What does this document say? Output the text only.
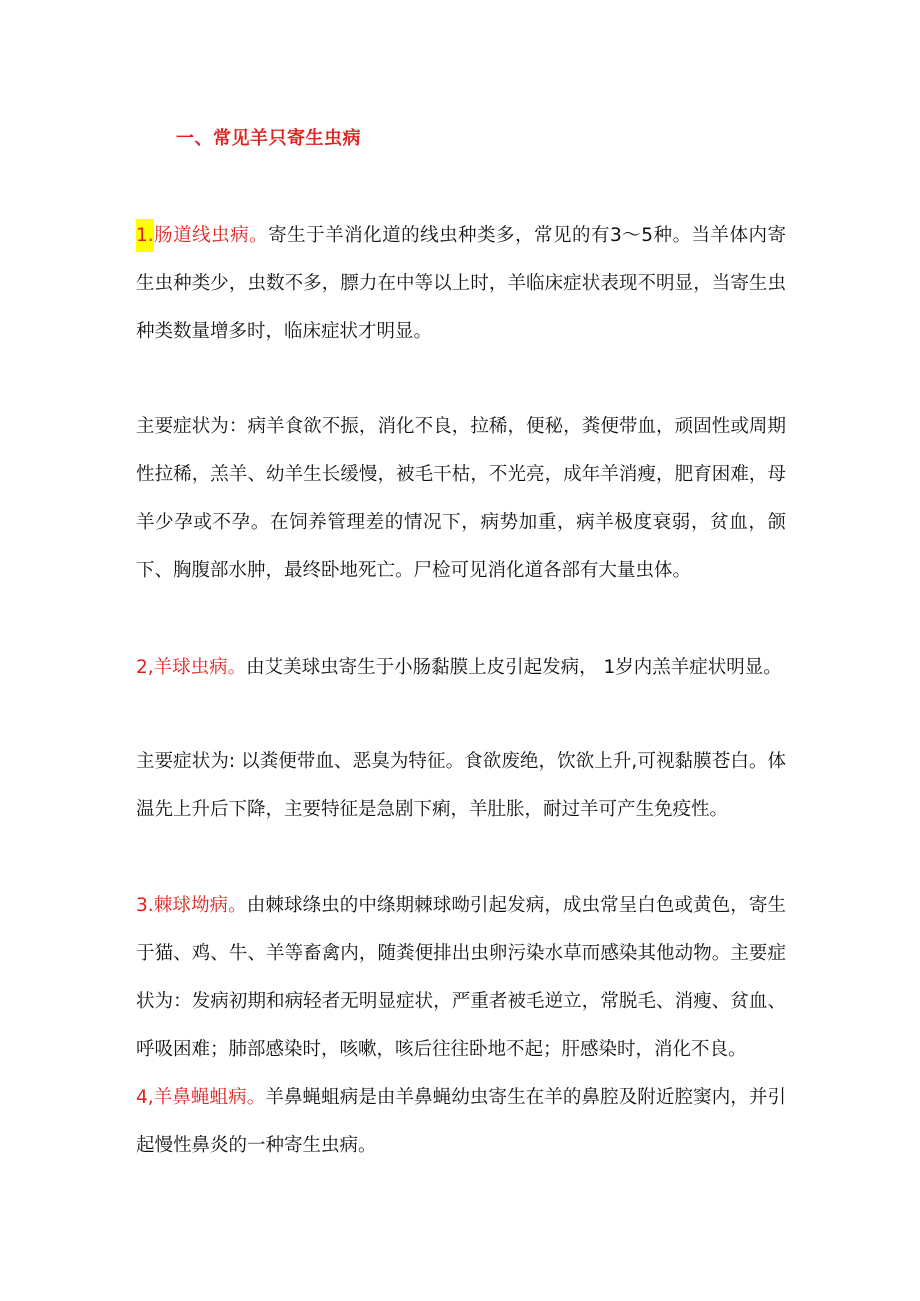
一、常见羊只寄生虫病

1.肠道线虫病。寄生于羊消化道的线虫种类多，常见的有3～5种。当羊体内寄生虫种类少，虫数不多，膘力在中等以上时，羊临床症状表现不明显，当寄生虫种类数量增多时，临床症状才明显。

主要症状为：病羊食欲不振，消化不良，拉稀，便秘，粪便带血，顽固性或周期性拉稀，羔羊、幼羊生长缓慢，被毛干枯，不光亮，成年羊消瘦，肥育困难，母羊少孕或不孕。在饲养管理差的情况下，病势加重，病羊极度衰弱，贫血，颌下、胸腹部水肿，最终卧地死亡。尸检可见消化道各部有大量虫体。

2,羊球虫病。由艾美球虫寄生于小肠黏膜上皮引起发病， 1岁内羔羊症状明显。

主要症状为: 以粪便带血、恶臭为特征。食欲废绝，饮欲上升,可视黏膜苍白。体温先上升后下降，主要特征是急剧下痢，羊肚胀，耐过羊可产生免疫性。

3.棘球坳病。由棘球绦虫的中绦期棘球呦引起发病，成虫常呈白色或黄色，寄生于猫、鸡、牛、羊等畜禽内，随粪便排出虫卵污染水草而感染其他动物。主要症状为：发病初期和病轻者无明显症状，严重者被毛逆立，常脱毛、消瘦、贫血、呼吸困难；肺部感染时，咳嗽，咳后往往卧地不起；肝感染时，消化不良。

4,羊鼻蝇蛆病。羊鼻蝇蛆病是由羊鼻蝇幼虫寄生在羊的鼻腔及附近腔窦内，并引起慢性鼻炎的一种寄生虫病。
